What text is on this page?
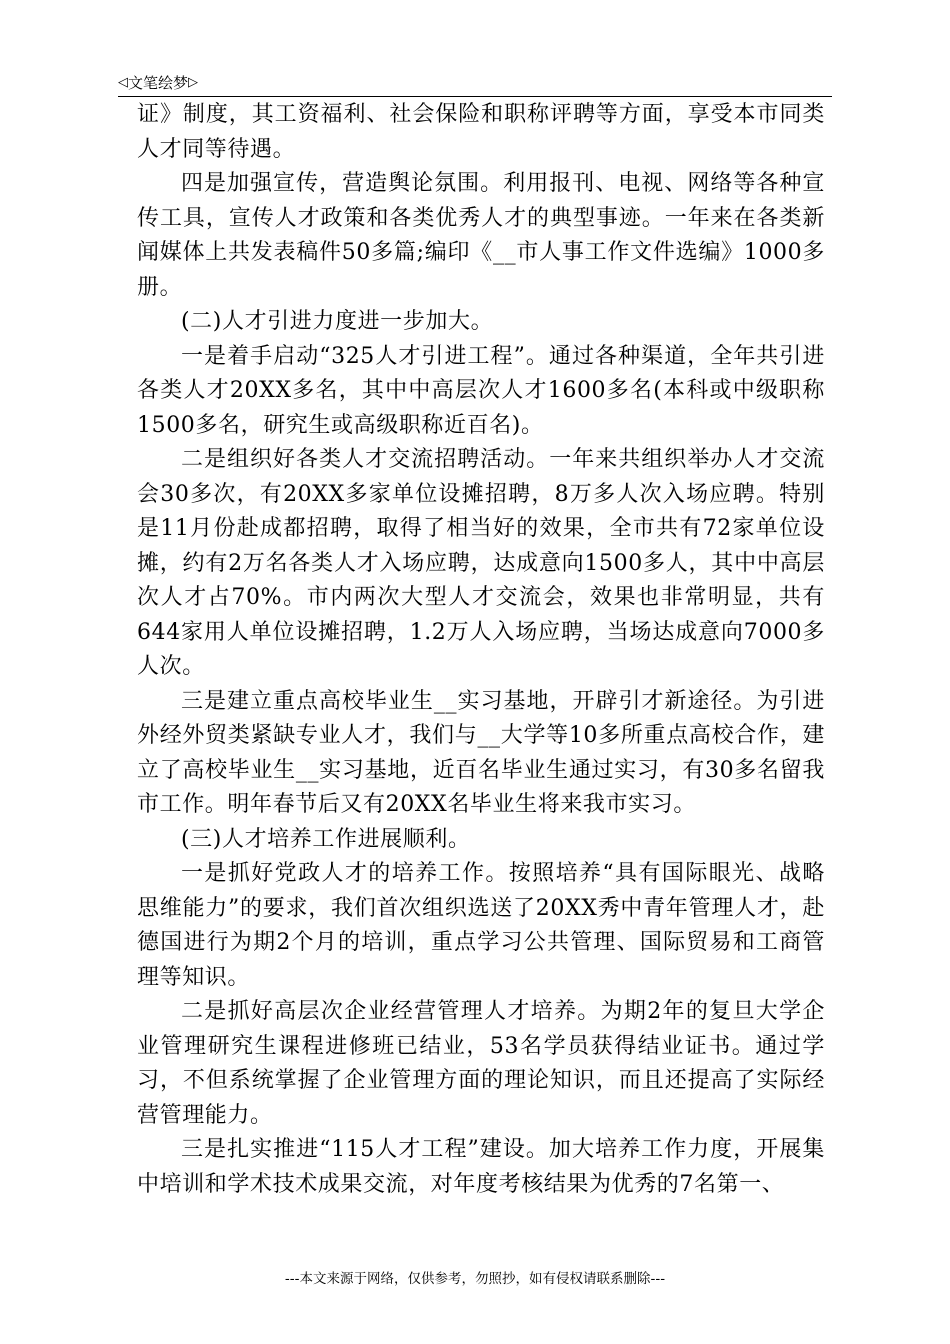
◁文笔绘梦▷

证》制度，其工资福利、社会保险和职称评聘等方面，享受本市同类人才同等待遇。

四是加强宣传，营造舆论氛围。利用报刊、电视、网络等各种宣传工具，宣传人才政策和各类优秀人才的典型事迹。一年来在各类新闻媒体上共发表稿件50多篇;编印《__市人事工作文件选编》1000多册。

(二)人才引进力度进一步加大。

一是着手启动“325人才引进工程”。通过各种渠道，全年共引进各类人才20XX多名，其中中高层次人才1600多名(本科或中级职称1500多名，研究生或高级职称近百名)。

二是组织好各类人才交流招聘活动。一年来共组织举办人才交流会30多次，有20XX多家单位设摊招聘，8万多人次入场应聘。特别是11月份赴成都招聘，取得了相当好的效果，全市共有72家单位设摊，约有2万名各类人才入场应聘，达成意向1500多人，其中中高层次人才占70%。市内两次大型人才交流会，效果也非常明显，共有644家用人单位设摊招聘，1.2万人入场应聘，当场达成意向7000多人次。

三是建立重点高校毕业生__实习基地，开辟引才新途径。为引进外经外贸类紧缺专业人才，我们与__大学等10多所重点高校合作，建立了高校毕业生__实习基地，近百名毕业生通过实习，有30多名留我市工作。明年春节后又有20XX名毕业生将来我市实习。

(三)人才培养工作进展顺利。

一是抓好党政人才的培养工作。按照培养“具有国际眼光、战略思维能力”的要求，我们首次组织选送了20XX秀中青年管理人才，赴德国进行为期2个月的培训，重点学习公共管理、国际贸易和工商管理等知识。

二是抓好高层次企业经营管理人才培养。为期2年的复旦大学企业管理研究生课程进修班已结业，53名学员获得结业证书。通过学习，不但系统掌握了企业管理方面的理论知识，而且还提高了实际经营管理能力。

三是扎实推进“115人才工程”建设。加大培养工作力度，开展集中培训和学术技术成果交流，对年度考核结果为优秀的7名第一、

---本文来源于网络，仅供参考，勿照抄，如有侵权请联系删除---
